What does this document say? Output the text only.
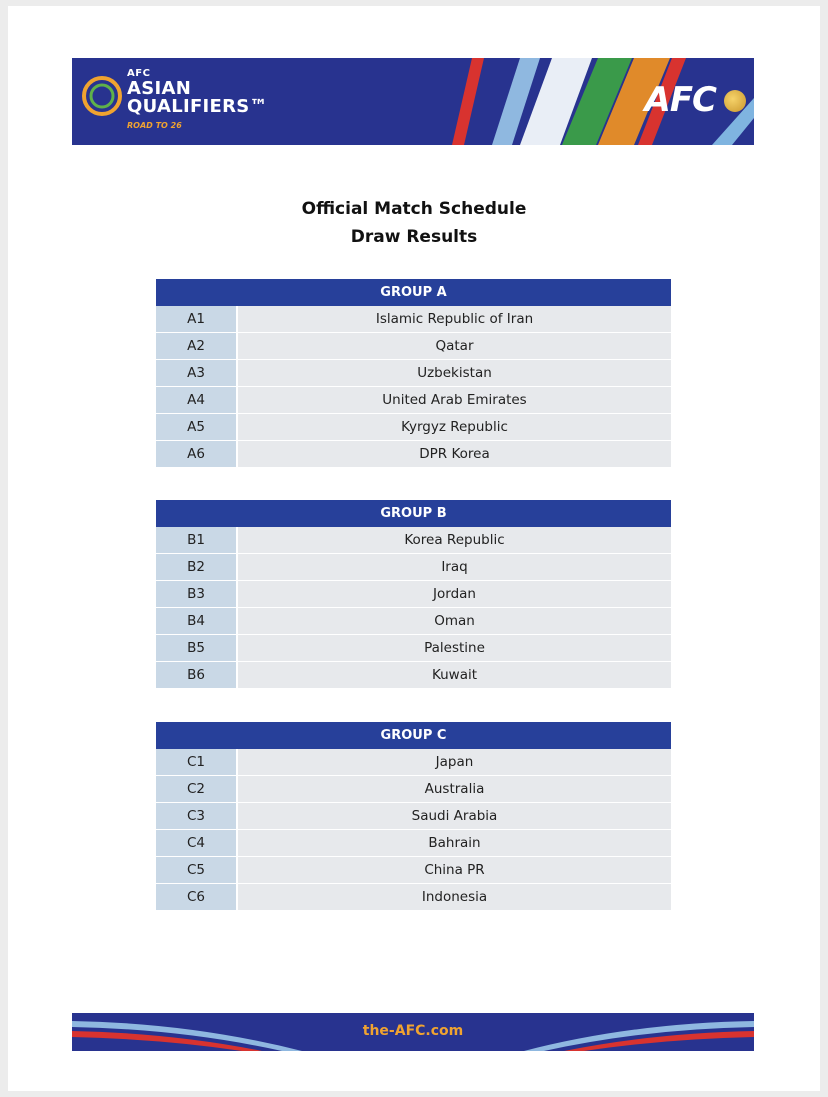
AFC
ASIAN
QUALIFIERS™
ROAD TO 26
AFC
Official Match Schedule
Draw Results
GROUP A	
A1	Islamic Republic of Iran
A2	Qatar
A3	Uzbekistan
A4	United Arab Emirates
A5	Kyrgyz Republic
A6	DPR Korea
GROUP B	
B1	Korea Republic
B2	Iraq
B3	Jordan
B4	Oman
B5	Palestine
B6	Kuwait
GROUP C	
C1	Japan
C2	Australia
C3	Saudi Arabia
C4	Bahrain
C5	China PR
C6	Indonesia
the-AFC.com
